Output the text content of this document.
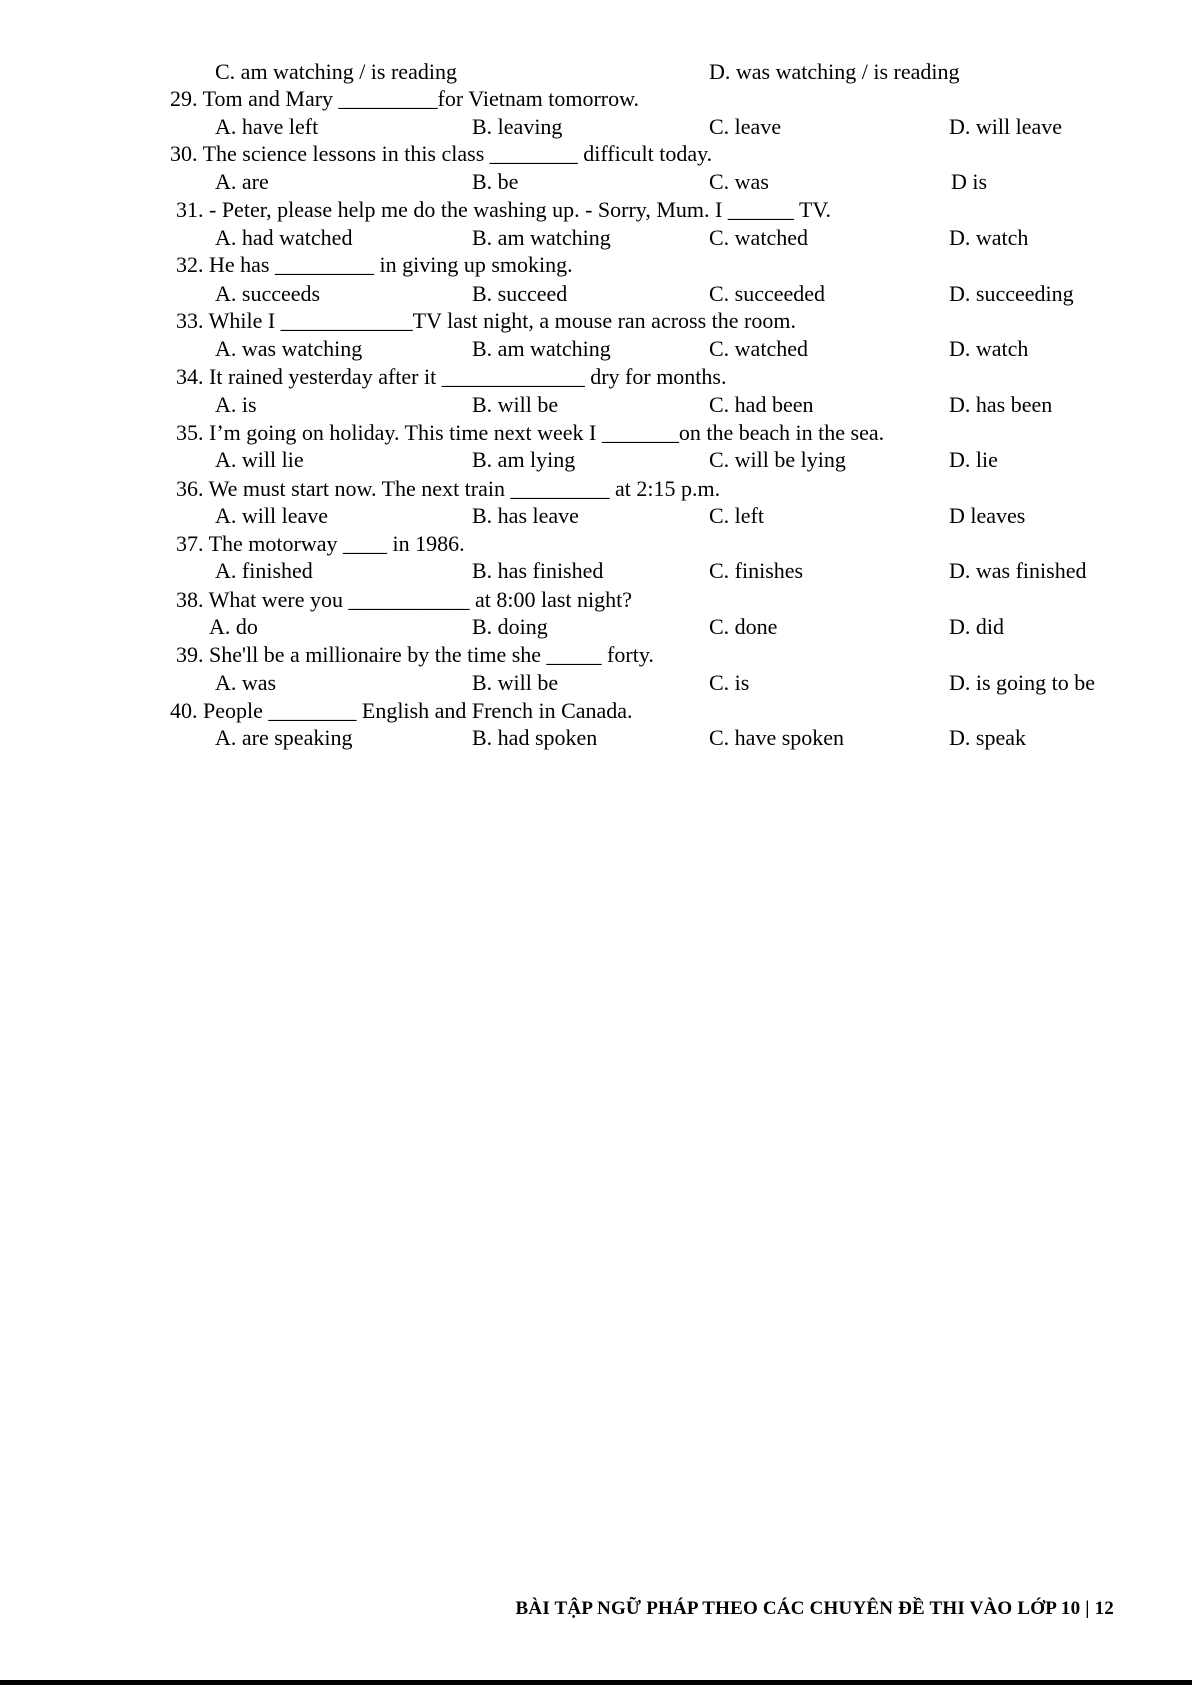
C. am watching / is reading	D. was watching / is reading
29. Tom and Mary _________for Vietnam tomorrow.
A. have left	B. leaving	C. leave	D. will leave
30. The science lessons in this class ________ difficult today.
A. are	B. be	C. was	D is
31. - Peter, please help me do the washing up. - Sorry, Mum. I ______ TV.
A. had watched	B. am watching	C. watched	D. watch
32. He has _________ in giving up smoking.
A. succeeds	B. succeed	C. succeeded	D. succeeding
33. While I ____________TV last night, a mouse ran across the room.
A. was watching	B. am watching	C. watched	D. watch
34. It rained yesterday after it _____________ dry for months.
A. is	B. will be	C. had been	D. has been
35. I’m going on holiday. This time next week I _______on the beach in the sea.
A. will lie	B. am lying	C. will be lying	D. lie
36. We must start now. The next train _________ at 2:15 p.m.
A. will leave	B. has leave	C. left	D leaves
37. The motorway ____ in 1986.
A. finished	B. has finished	C. finishes	D. was finished
38. What were you ___________ at 8:00 last night?
A. do	B. doing	C. done	D. did
39. She'll be a millionaire by the time she _____ forty.
A. was	B. will be	C. is	D. is going to be
40. People ________ English and French in Canada.
A. are speaking	B. had spoken	C. have spoken	D. speak
BÀI TẬP NGỮ PHÁP THEO CÁC CHUYÊN ĐỀ THI VÀO LỚP 10 | 12
